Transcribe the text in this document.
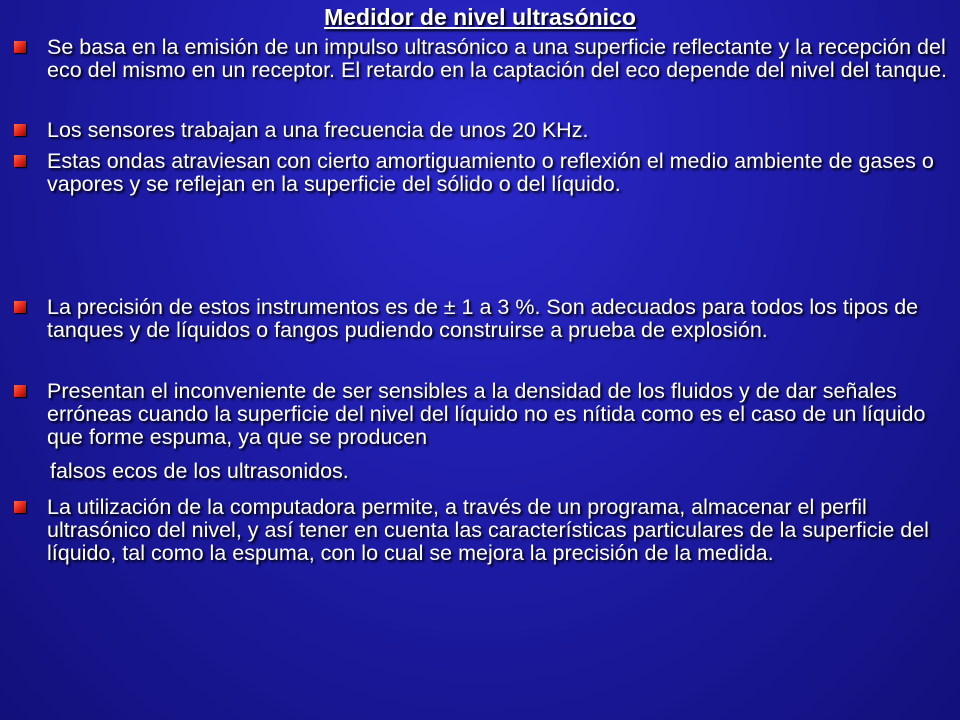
Medidor de nivel ultrasónico
Se basa en la emisión de un impulso ultrasónico a una superficie reflectante y la recepción del eco del mismo en un receptor. El retardo en la captación del eco depende del nivel del tanque.
Los sensores trabajan a una frecuencia de unos 20 KHz.
Estas ondas atraviesan con cierto amortiguamiento o reflexión el medio ambiente de gases o vapores y se reflejan en la superficie del sólido o del líquido.
La precisión de estos instrumentos es de ± 1 a 3 %. Son adecuados para todos los tipos de tanques y de líquidos o fangos pudiendo construirse a prueba de explosión.
Presentan el inconveniente de ser sensibles a la densidad de los fluidos y de dar señales erróneas cuando la superficie del nivel del líquido no es nítida como es el caso de un líquido que forme espuma, ya que se producen
falsos ecos de los ultrasonidos.
La utilización de la computadora permite, a través de un programa, almacenar el perfil ultrasónico del nivel, y así tener en cuenta las características particulares de la superficie del líquido, tal como la espuma, con lo cual se mejora la precisión de la medida.
